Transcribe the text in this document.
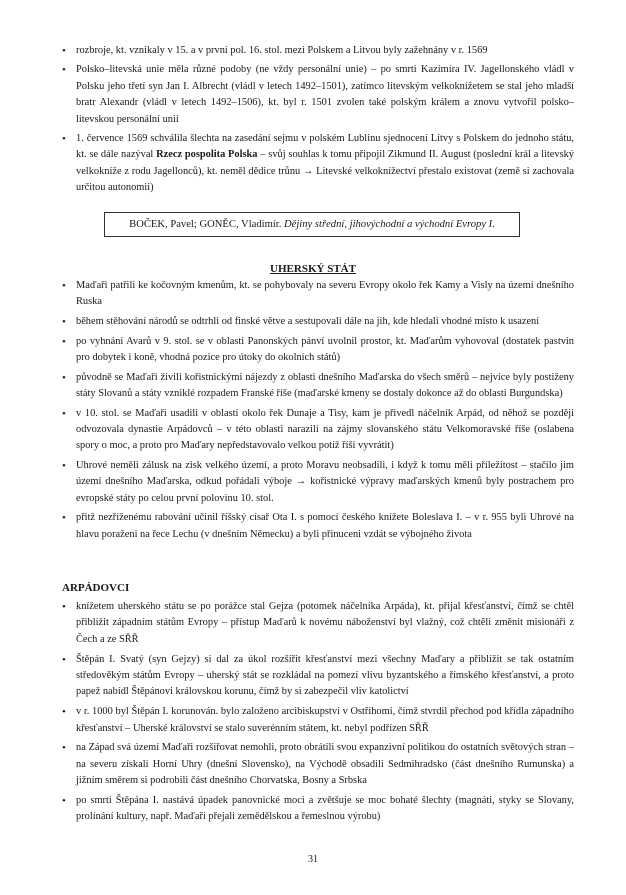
• rozbroje, kt. vznikaly v 15. a v první pol. 16. stol. mezi Polskem a Litvou byly zažehnány v r. 1569
• Polsko–litevská unie měla různé podoby (ne vždy personální unie) – po smrti Kazimíra IV. Jagellonského vládl v Polsku jeho třetí syn Jan I. Albrecht (vládl v letech 1492–1501), zatímco litevským velkoknížetem se stal jeho mladší bratr Alexandr (vládl v letech 1492–1506), kt. byl r. 1501 zvolen také polským králem a znovu vytvořil polsko–litevskou personální unii
• 1. července 1569 schválila šlechta na zasedání sejmu v polském Lublinu sjednocení Litvy s Polskem do jednoho státu, kt. se dále nazýval Rzecz pospolita Polska – svůj souhlas k tomu připojil Zikmund II. August (poslední král a litevský velkokníže z rodu Jagellonců), kt. neměl dědice trůnu → Litevské velkoknížectví přestalo existovat (země si zachovala určitou autonomii)
BOČEK, Pavel; GONĚC, Vladimír. Dějiny střední, jihovýchodní a východní Evropy I.
UHERSKÝ STÁT
• Maďaři patřili ke kočovným kmenům, kt. se pohybovaly na severu Evropy okolo řek Kamy a Visly na území dnešního Ruska
• během stěhování národů se odtrhli od finské větve a sestupovali dále na jih, kde hledali vhodné místo k usazení
• po vyhnání Avarů v 9. stol. se v oblasti Panonských pánví uvolnil prostor, kt. Maďarům vyhovoval (dostatek pastvin pro dobytek i koně, vhodná pozice pro útoky do okolních států)
• původně se Maďaři živili kořistnickými nájezdy z oblasti dnešního Maďarska do všech směrů – nejvíce byly postiženy státy Slovanů a státy vzniklé rozpadem Franské říše (maďarské kmeny se dostaly dokonce až do oblasti Burgundska)
• v 10. stol. se Maďaři usadili v oblasti okolo řek Dunaje a Tisy, kam je přivedl náčelník Arpád, od něhož se později odvozovala dynastie Arpádovců – v této oblasti narazili na zájmy slovanského státu Velkomoravské říše (oslabena spory o moc, a proto pro Maďary nepředstavovalo velkou potíž říši vyvrátit)
• Uhrové neměli zálusk na zisk velkého území, a proto Moravu neobsadili, i když k tomu měli příležitost – stačilo jim území dnešního Maďarska, odkud pořádali výboje → kořistnické výpravy maďarských kmenů byly postrachem pro evropské státy po celou první polovinu 10. stol.
• přitž nezříženému rabování učinil říšský císař Ota I. s pomocí českého knížete Boleslava I. – v r. 955 byli Uhrové na hlavu poraženi na řece Lechu (v dnešním Německu) a byli přinuceni vzdát se výbojného života
ARPÁDOVCI
• knížetem uherského státu se po porážce stal Gejza (potomek náčelníka Arpáda), kt. přijal křesťanství, čímž se chtěl přiblížit západním státům Evropy – přístup Maďarů k novému náboženství byl vlažný, což chtěli změnit misionáři z Čech a ze SŘŘ
• Štěpán I. Svatý (syn Gejzy) si dal za úkol rozšířit křesťanství mezi všechny Maďary a přiblížit se tak ostatním středověkým státům Evropy – uherský stát se rozkládal na pomezí vlivu byzantského a římského křesťanství, a proto papež nabídl Štěpánovi královskou korunu, čímž by si zabezpečil vliv katolictví
• v r. 1000 byl Štěpán I. korunován. bylo založeno arcibiskupství v Ostřihomi, čímž stvrdil přechod pod křídla západního křesťanství – Uherské království se stalo suverénním státem, kt. nebyl podřízen SŘŘ
• na Západ svá území Maďaři rozšiřovat nemohli, proto obrátili svou expanzivní politikou do ostatních světových stran – na severu získali Horní Uhry (dnešní Slovensko), na Východě obsadili Sedmihradsko (část dnešního Rumunska) a jižním směrem si podrobili část dnešního Chorvatska, Bosny a Srbska
• po smrti Štěpána I. nastává úpadek panovnické moci a zvětšuje se moc bohaté šlechty (magnáti, styky se Slovany, prolínání kultury, např. Maďaři přejali zemědělskou a řemeslnou výrobu)
31
